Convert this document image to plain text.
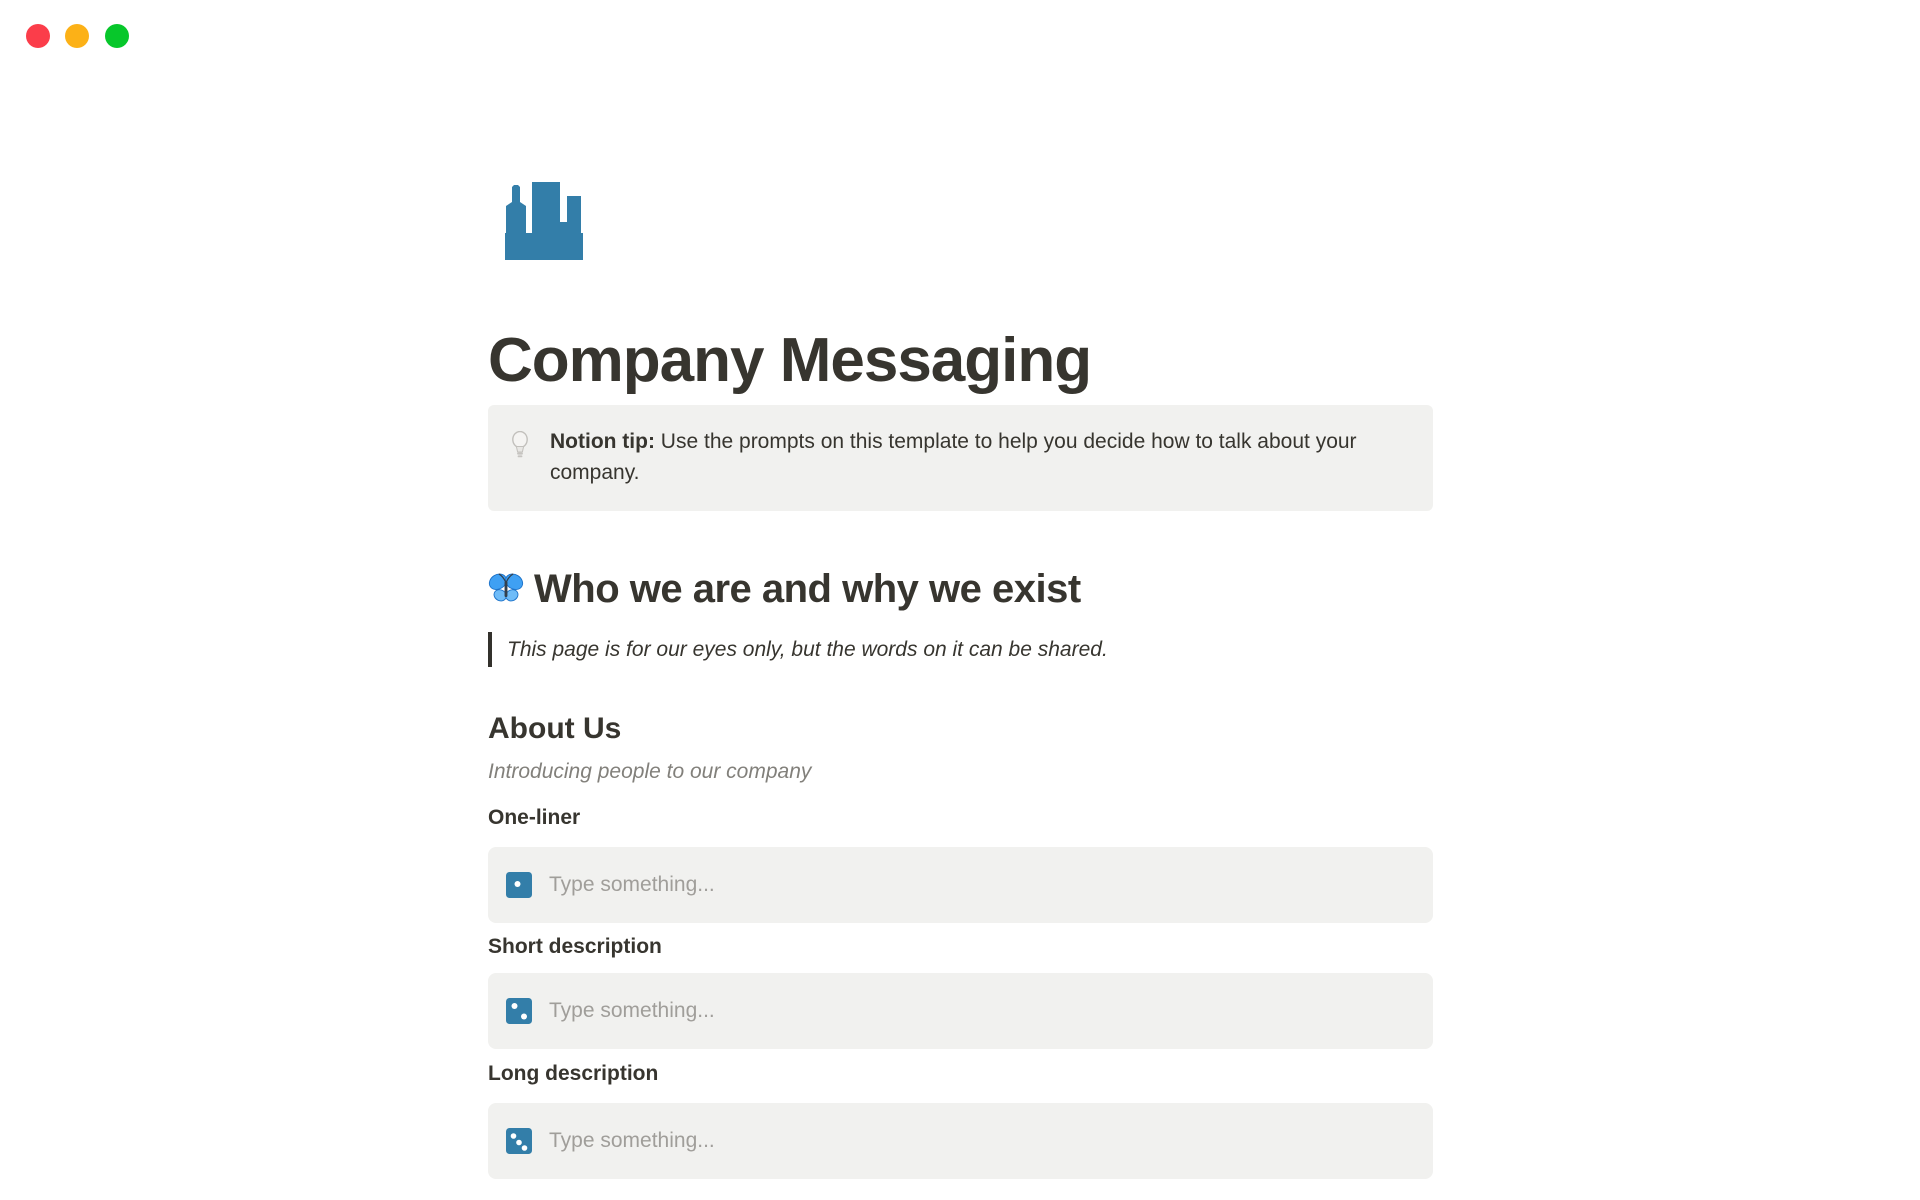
Company Messaging
Notion tip: Use the prompts on this template to help you decide how to talk about your company.
Who we are and why we exist
This page is for our eyes only, but the words on it can be shared.
About Us
Introducing people to our company
One-liner
Type something...
Short description
Type something...
Long description
Type something...
